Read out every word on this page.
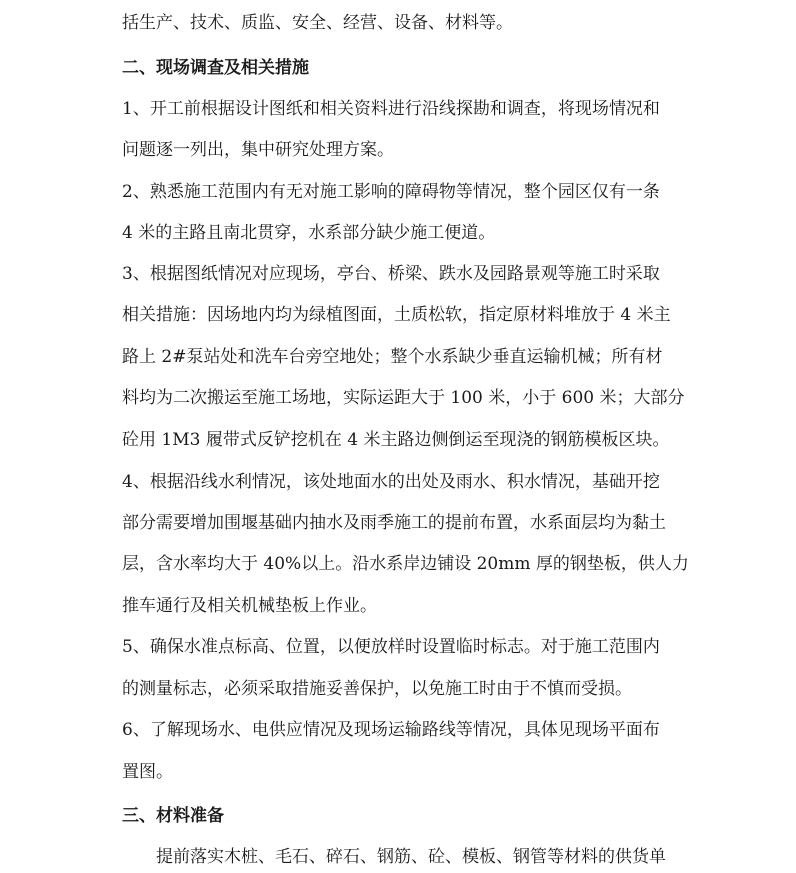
括生产、技术、质监、安全、经营、设备、材料等。
二、现场调查及相关措施
1、开工前根据设计图纸和相关资料进行沿线探勘和调查，将现场情况和
问题逐一列出，集中研究处理方案。
2、熟悉施工范围内有无对施工影响的障碍物等情况，整个园区仅有一条
4 米的主路且南北贯穿，水系部分缺少施工便道。
3、根据图纸情况对应现场，亭台、桥梁、跌水及园路景观等施工时采取
相关措施：因场地内均为绿植图面，土质松软，指定原材料堆放于 4 米主
路上 2#泵站处和洗车台旁空地处；整个水系缺少垂直运输机械；所有材
料均为二次搬运至施工场地，实际运距大于 100 米，小于 600 米；大部分
砼用 1M3 履带式反铲挖机在 4 米主路边侧倒运至现浇的钢筋模板区块。
4、根据沿线水利情况，该处地面水的出处及雨水、积水情况，基础开挖
部分需要增加围堰基础内抽水及雨季施工的提前布置，水系面层均为黏土
层，含水率均大于 40%以上。沿水系岸边铺设 20mm 厚的钢垫板，供人力
推车通行及相关机械垫板上作业。
5、确保水准点标高、位置，以便放样时设置临时标志。对于施工范围内
的测量标志，必须采取措施妥善保护，以免施工时由于不慎而受损。
6、了解现场水、电供应情况及现场运输路线等情况，具体见现场平面布
置图。
三、材料准备
提前落实木桩、毛石、碎石、钢筋、砼、模板、钢管等材料的供货单
